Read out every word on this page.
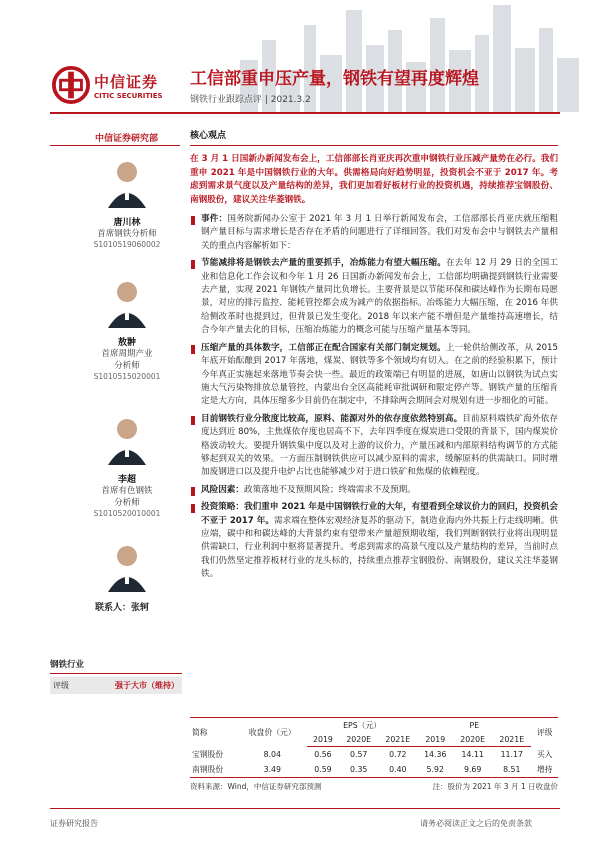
中信证券
CITIC SECURITIES
工信部重申压产量，钢铁有望再度辉煌
钢铁行业跟踪点评 | 2021.3.2
中信证券研究部
唐川林
首席钢铁分析师
S1010519060002
敖翀
首席周期产业
分析师
S1010515020001
李超
首席有色钢铁
分析师
S1010520010001
联系人：张轲
钢铁行业
评级	强于大市（维持）
核心观点
在 3 月 1 日国新办新闻发布会上，工信部部长肖亚庆再次重申钢铁行业压减产量势在必行。我们重申 2021 年是中国钢铁行业的大年。供需格局向好趋势明显，投资机会不亚于 2017 年。考虑到需求景气度以及产量结构的差异，我们更加看好板材行业的投资机遇，持续推荐宝钢股份、南钢股份，建议关注华菱钢铁。
事件：国务院新闻办公室于 2021 年 3 月 1 日举行新闻发布会，工信部部长肖亚庆就压缩粗钢产量目标与需求增长是否存在矛盾的问题进行了详细回答。我们对发布会中与钢铁去产量相关的重点内容解析如下：
节能减排将是钢铁去产量的重要抓手，冶炼能力有望大幅压缩。在去年 12 月 29 日的全国工业和信息化工作会议和今年 1 月 26 日国新办新闻发布会上，工信部均明确提到钢铁行业需要去产量，实现 2021 年钢铁产量同比负增长。主要背景是以节能环保和碳达峰作为长期布局愿景，对应的排污监控、能耗管控都会成为减产的依据指标。冶炼能力大幅压缩，在 2016 年供给侧改革时也提到过，但背景已发生变化。2018 年以来产能不增但是产量维持高速增长，结合今年产量去化的目标，压缩冶炼能力的概念可能与压缩产量基本等同。
压缩产量的具体数字，工信部正在配合国家有关部门制定规划。上一轮供给侧改革，从 2015 年底开始酝酿到 2017 年落地，煤炭、钢铁等多个领域均有切入。在之前的经验积累下，预计今年真正实施起来落地节奏会快一些。最近的政策端已有明显的进展，如唐山以钢铁为试点实施大气污染物排放总量管控，内蒙出台全区高能耗审批调研和限定停产等。钢铁产量的压缩肯定是大方向，具体压缩多少目前仍在制定中，不排除两会期间会对规划有进一步细化的可能。
目前钢铁行业分散度比较高，原料、能源对外的依存度依然特别高。目前原料端铁矿海外依存度达到近 80%，主焦煤依存度也居高不下，去年四季度在煤炭进口受限的背景下，国内煤炭价格波动较大。要提升钢铁集中度以及对上游的议价力，产量压减和内部原料结构调节的方式能够起到双关的效果。一方面压制钢铁供应可以减少原料的需求，缓解原料的供需缺口。同时增加废钢进口以及提升电炉占比也能够减少对于进口铁矿和焦煤的依赖程度。
风险因素：政策落地不及预期风险；终端需求不及预期。
投资策略：我们重申 2021 年是中国钢铁行业的大年，有望看到全球议价力的回归，投资机会不亚于 2017 年。需求端在整体宏观经济复苏的驱动下，制造业海内外共振上行走线明晰。供应端，碳中和和碳达峰的大背景约束有望带来产量超预期收缩，我们判断钢铁行业将出现明显供需缺口，行业利润中枢将显著提升。考虑到需求的高景气度以及产量结构的差异，当前时点我们仍然坚定推荐板材行业的龙头标的，持续重点推荐宝钢股份、南钢股份，建议关注华菱钢铁。
简称	收盘价（元）	EPS（元）			PE			评级
		2019	2020E	2021E	2019	2020E	2021E	
宝钢股份	8.04	0.56	0.57	0.72	14.36	14.11	11.17	买入
南钢股份	3.49	0.59	0.35	0.40	5.92	9.69	8.51	增持
资料来源：Wind，中信证券研究部预测	注：股价为 2021 年 3 月 1 日收盘价
证券研究报告	请务必阅读正文之后的免责条款
